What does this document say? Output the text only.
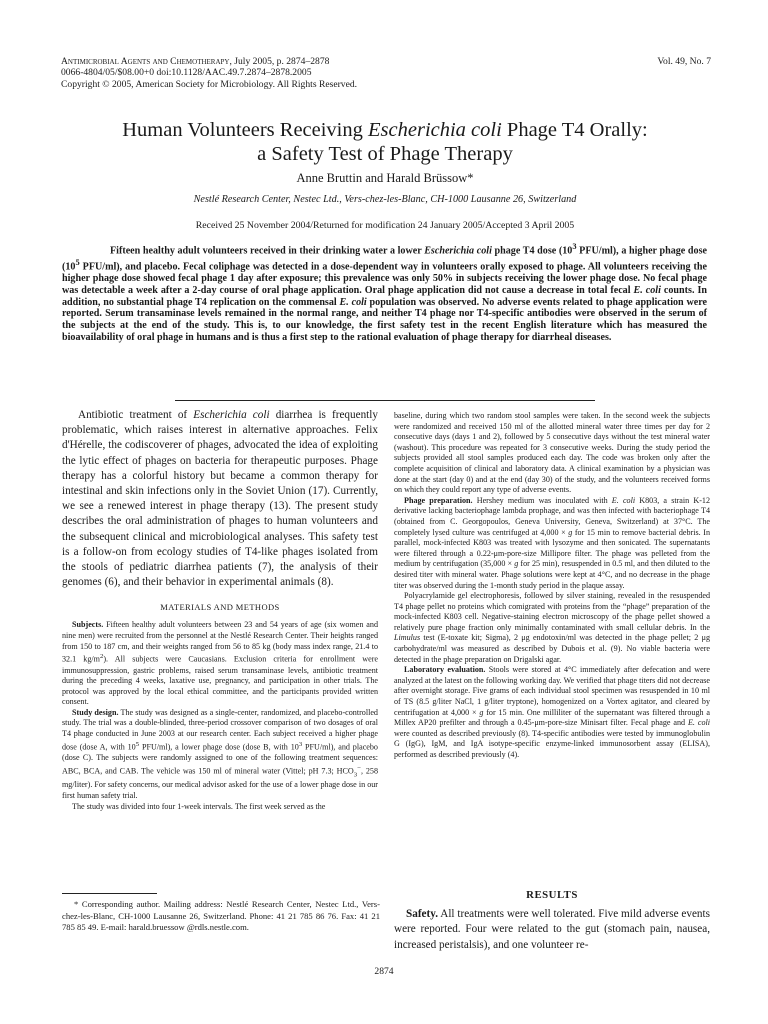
Antimicrobial Agents and Chemotherapy, July 2005, p. 2874–2878	Vol. 49, No. 7
0066-4804/05/$08.00+0 doi:10.1128/AAC.49.7.2874–2878.2005
Copyright © 2005, American Society for Microbiology. All Rights Reserved.
Human Volunteers Receiving Escherichia coli Phage T4 Orally:
a Safety Test of Phage Therapy
Anne Bruttin and Harald Brüssow*
Nestlé Research Center, Nestec Ltd., Vers-chez-les-Blanc, CH-1000 Lausanne 26, Switzerland
Received 25 November 2004/Returned for modification 24 January 2005/Accepted 3 April 2005
Fifteen healthy adult volunteers received in their drinking water a lower Escherichia coli phage T4 dose ($10^3$ PFU/ml), a higher phage dose ($10^5$ PFU/ml), and placebo. Fecal coliphage was detected in a dose-dependent way in volunteers orally exposed to phage. All volunteers receiving the higher phage dose showed fecal phage 1 day after exposure; this prevalence was only 50% in subjects receiving the lower phage dose. No fecal phage was detectable a week after a 2-day course of oral phage application. Oral phage application did not cause a decrease in total fecal E. coli counts. In addition, no substantial phage T4 replication on the commensal E. coli population was observed. No adverse events related to phage application were reported. Serum transaminase levels remained in the normal range, and neither T4 phage nor T4-specific antibodies were observed in the serum of the subjects at the end of the study. This is, to our knowledge, the first safety test in the recent English literature which has measured the bioavailability of oral phage in humans and is thus a first step to the rational evaluation of phage therapy for diarrheal diseases.

Antibiotic treatment of Escherichia coli diarrhea is frequently problematic, which raises interest in alternative approaches. Felix d'Hérelle, the codiscoverer of phages, advocated the idea of exploiting the lytic effect of phages on bacteria for therapeutic purposes. Phage therapy has a colorful history but became a common therapy for intestinal and skin infections only in the Soviet Union (17). Currently, we see a renewed interest in phage therapy (13). The present study describes the oral administration of phages to human volunteers and the subsequent clinical and microbiological analyses. This safety test is a follow-on from ecology studies of T4-like phages isolated from the stools of pediatric diarrhea patients (7), the analysis of their genomes (6), and their behavior in experimental animals (8).

MATERIALS AND METHODS

Subjects. Fifteen healthy adult volunteers between 23 and 54 years of age (six women and nine men) were recruited from the personnel at the Nestlé Research Center. Their heights ranged from 150 to 187 cm, and their weights ranged from 56 to 85 kg (body mass index range, 21.4 to 32.1 $kg/m^2$). All subjects were Caucasians. Exclusion criteria for enrollment were immunosuppression, gastric problems, raised serum transaminase levels, antibiotic treatment during the preceding 4 weeks, laxative use, pregnancy, and participation in other trials. The protocol was approved by the local ethical committee, and the participants provided written consent.

Study design. The study was designed as a single-center, randomized, and placebo-controlled study. The trial was a double-blinded, three-period crossover comparison of two dosages of oral T4 phage conducted in June 2003 at our research center. Each subject received a higher phage dose (dose A, with $10^5$ PFU/ml), a lower phage dose (dose B, with $10^3$ PFU/ml), and placebo (dose C). The subjects were randomly assigned to one of the following treatment sequences: ABC, BCA, and CAB. The vehicle was 150 ml of mineral water (Vittel; pH 7.3; $HCO_3^-$, 258 mg/liter). For safety concerns, our medical advisor asked for the use of a lower phage dose in our first human safety trial.

The study was divided into four 1-week intervals. The first week served as the

baseline, during which two random stool samples were taken. In the second week the subjects were randomized and received 150 ml of the allotted mineral water three times per day for 2 consecutive days (days 1 and 2), followed by 5 consecutive days without the test mineral water (washout). This procedure was repeated for 3 consecutive weeks. During the study period the subjects provided all stool samples produced each day. The code was broken only after the complete acquisition of clinical and laboratory data. A clinical examination by a physician was done at the start (day 0) and at the end (day 30) of the study, and the volunteers received forms on which they could report any type of adverse events.

Phage preparation. Hershey medium was inoculated with E. coli K803, a strain K-12 derivative lacking bacteriophage lambda prophage, and was then infected with bacteriophage T4 (obtained from C. Georgopoulos, Geneva University, Geneva, Switzerland) at 37°C. The completely lysed culture was centrifuged at 4,000 × g for 15 min to remove bacterial debris. In parallel, mock-infected K803 was treated with lysozyme and then sonicated. The supernatants were filtered through a 0.22-μm-pore-size Millipore filter. The phage was pelleted from the medium by centrifugation (35,000 × g for 25 min), resuspended in 0.5 ml, and then diluted to the desired titer with mineral water. Phage solutions were kept at 4°C, and no decrease in the phage titer was observed during the 1-month study period in the plaque assay.

Polyacrylamide gel electrophoresis, followed by silver staining, revealed in the resuspended T4 phage pellet no proteins which comigrated with proteins from the “phage” preparation of the mock-infected K803 cell. Negative-staining electron microscopy of the phage pellet showed a relatively pure phage fraction only minimally contaminated with small cellular debris. In the Limulus test (E-toxate kit; Sigma), 2 μg endotoxin/ml was detected in the phage pellet; 2 μg carbohydrate/ml was measured as described by Dubois et al. (9). No viable bacteria were detected in the phage preparation on Drigalski agar.

Laboratory evaluation. Stools were stored at 4°C immediately after defecation and were analyzed at the latest on the following working day. We verified that phage titers did not decrease after overnight storage. Five grams of each individual stool specimen was resuspended in 10 ml of TS (8.5 g/liter NaCl, 1 g/liter tryptone), homogenized on a Vortex agitator, and cleared by centrifugation at 4,000 × g for 15 min. One milliliter of the supernatant was filtered through a Millex AP20 prefilter and through a 0.45-μm-pore-size Minisart filter. Fecal phage and E. coli were counted as described previously (8). T4-specific antibodies were tested by immunoglobulin G (IgG), IgM, and IgA isotype-specific enzyme-linked immunosorbent assay (ELISA), performed as described previously (4).

* Corresponding author. Mailing address: Nestlé Research Center, Nestec Ltd., Vers-chez-les-Blanc, CH-1000 Lausanne 26, Switzerland. Phone: 41 21 785 86 76. Fax: 41 21 785 85 49. E-mail: harald.bruessow @rdls.nestle.com.
RESULTS
Safety. All treatments were well tolerated. Five mild adverse events were reported. Four were related to the gut (stomach pain, nausea, increased peristalsis), and one volunteer re-
2874
